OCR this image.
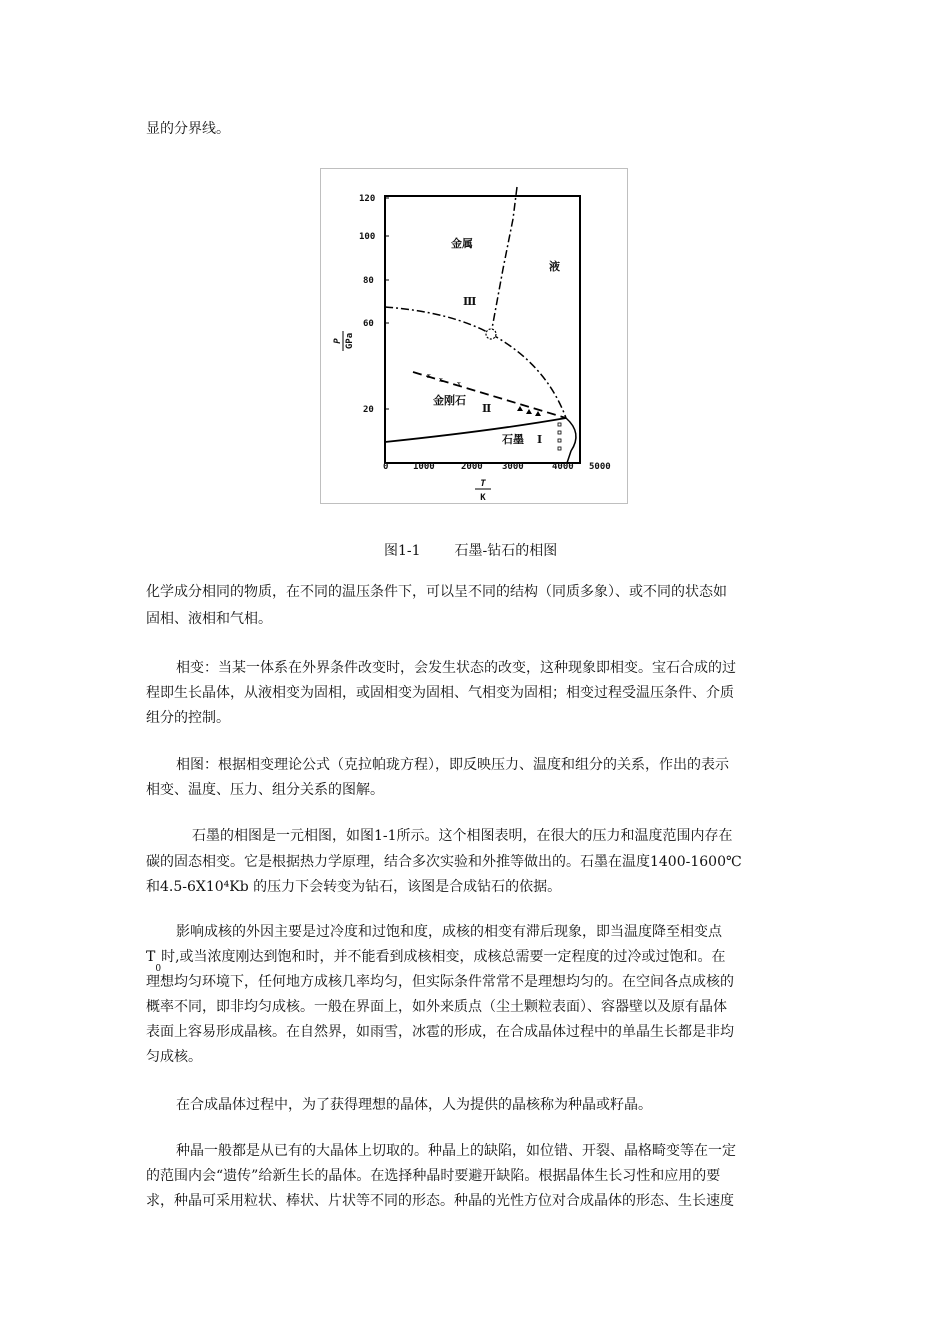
显的分界线。
120
100
80
60
20
0	1000	2000 3000	4000 5000
P GPa
T
K
x x x
金属
液
Ⅲ
金刚石
Ⅱ
石墨 Ⅰ
图1-1 石墨-钻石的相图
化学成分相同的物质，在不同的温压条件下，可以呈不同的结构（同质多象）、或不同的状态如
固相、液相和气相。
相变：当某一体系在外界条件改变时，会发生状态的改变，这种现象即相变。宝石合成的过
程即生长晶体，从液相变为固相，或固相变为固相、气相变为固相；相变过程受温压条件、介质
组分的控制。
相图：根据相变理论公式（克拉帕珑方程），即反映压力、温度和组分的关系，作出的表示
相变、温度、压力、组分关系的图解。
石墨的相图是一元相图，如图1-1所示。这个相图表明，在很大的压力和温度范围内存在
碳的固态相变。它是根据热力学原理，结合多次实验和外推等做出的。石墨在温度1400-1600℃
和4.5-6X10⁴Kb 的压力下会转变为钻石，该图是合成钻石的依据。
影响成核的外因主要是过冷度和过饱和度，成核的相变有滞后现象，即当温度降至相变点
$T_0$时,或当浓度刚达到饱和时，并不能看到成核相变，成核总需要一定程度的过冷或过饱和。在
理想均匀环境下，任何地方成核几率均匀，但实际条件常常不是理想均匀的。在空间各点成核的
概率不同，即非均匀成核。一般在界面上，如外来质点（尘土颗粒表面）、容器壁以及原有晶体
表面上容易形成晶核。在自然界，如雨雪，冰雹的形成，在合成晶体过程中的单晶生长都是非均
匀成核。
在合成晶体过程中，为了获得理想的晶体，人为提供的晶核称为种晶或籽晶。
种晶一般都是从已有的大晶体上切取的。种晶上的缺陷，如位错、开裂、晶格畸变等在一定
的范围内会“遗传”给新生长的晶体。在选择种晶时要避开缺陷。根据晶体生长习性和应用的要
求，种晶可采用粒状、棒状、片状等不同的形态。种晶的光性方位对合成晶体的形态、生长速度
